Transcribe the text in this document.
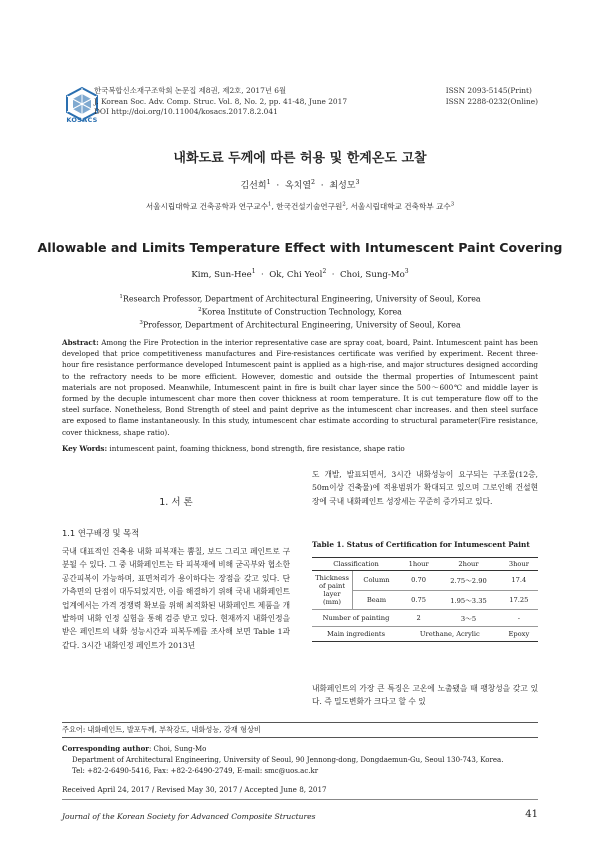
KOSACS
한국복합신소재구조학회 논문집 제8권, 제2호, 2017년 6월
J. Korean Soc. Adv. Comp. Struc. Vol. 8, No. 2, pp. 41-48, June 2017
DOI http://doi.org/10.11004/kosacs.2017.8.2.041
ISSN 2093-5145(Print)
ISSN 2288-0232(Online)
내화도료 두께에 따른 허용 및 한계온도 고찰
김선희$^1$ · 옥치열$^2$ · 최성모$^3$
서울시립대학교 건축공학과 연구교수$^1$, 한국건설기술연구원$^2$, 서울시립대학교 건축학부 교수$^3$
Allowable and Limits Temperature Effect with Intumescent Paint Covering
Kim, Sun-Hee$^1$ · Ok, Chi Yeol$^2$ · Choi, Sung-Mo$^3$
$^1$Research Professor, Department of Architectural Engineering, University of Seoul, Korea
$^2$Korea Institute of Construction Technology, Korea
$^3$Professor, Department of Architectural Engineering, University of Seoul, Korea
Abstract: Among the Fire Protection in the interior representative case are spray coat, board, Paint. Intumescent paint has been developed that price competitiveness manufactures and Fire-resistances certificate was verified by experiment. Recent three-hour fire resistance performance developed Intumescent paint is applied as a high-rise, and major structures designed according to the refractory needs to be more efficient. However, domestic and outside the thermal properties of Intumescent paint materials are not proposed. Meanwhile, Intumescent paint in fire is built char layer since the 500～600℃ and middle layer is formed by the decuple intumescent char more then cover thickness at room temperature. It is cut temperature flow off to the steel surface. Nonetheless, Bond Strength of steel and paint deprive as the intumescent char increases. and then steel surface are exposed to flame instantaneously. In this study, intumescent char estimate according to structural parameter(Fire resistance, cover thickness, shape ratio).
Key Words: intumescent paint, foaming thickness, bond strength, fire resistance, shape ratio
1. 서 론
1.1 연구배경 및 목적
국내 대표적인 건축용 내화 피복재는 뿜칠, 보드 그리고 페인트로 구분될 수 있다. 그 중 내화페인트는 타 피복재에 비해 굳곡부와 협소한 공간피복이 가능하며, 표면처리가 용이하다는 장점을 갖고 있다. 단가측면의 단점이 대두되었지만, 이를 해결하기 위해 국내 내화페인트 업계에서는 가격 경쟁력 확보를 위해 최적화된 내화페인트 제품을 개발하며 내화 인정 실험을 통해 검증 받고 있다. 현재까지 내화인정을 받은 페인트의 내화 성능시간과 피복두께를 조사해 보면 Table 1과 같다. 3시간 내화인정 페인트가 2013년
도 개발, 발표되면서, 3시간 내화성능이 요구되는 구조물(12층, 50m이상 건축물)에 적용범위가 확대되고 있으며 그로인해 건설현장에 국내 내화페인트 성장세는 꾸준히 증가되고 있다.
Table 1. Status of Certification for Intumescent Paint
Classification		1hour	2hour	3hour
Thickness of paint layer (mm)	Column	0.70	2.75～2.90	17.4
	Beam	0.75	1.95～3.35	17.25
Number of painting		2	3～5	-
Main ingredients		Urethane, Acrylic		Epoxy
내화페인트의 가장 큰 특징은 고온에 노출됐을 때 팽창성을 갖고 있다. 즉 밀도변화가 크다고 할 수 있
주요어: 내화페인트, 발포두께, 부착강도, 내화성능, 강재 형상비
Corresponding author: Choi, Sung-Mo
Department of Architectural Engineering, University of Seoul, 90 Jennong-dong, Dongdaemun-Gu, Seoul 130-743, Korea.
Tel: +82-2-6490-5416, Fax: +82-2-6490-2749, E-mail: smc@uos.ac.kr
Received April 24, 2017 / Revised May 30, 2017 / Accepted June 8, 2017
Journal of the Korean Society for Advanced Composite Structures	41
